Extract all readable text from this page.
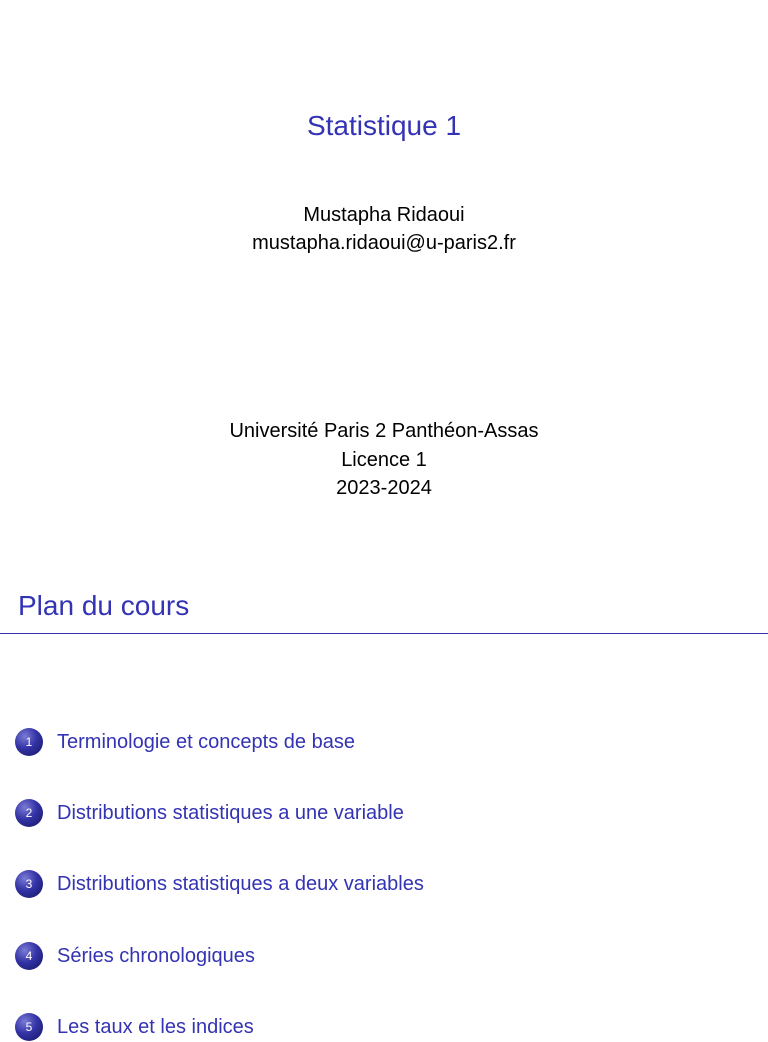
Statistique 1
Mustapha Ridaoui
mustapha.ridaoui@u-paris2.fr
Université Paris 2 Panthéon-Assas
Licence 1
2023-2024
Plan du cours
1	Terminologie et concepts de base
2	Distributions statistiques a une variable
3	Distributions statistiques a deux variables
4	Séries chronologiques
5	Les taux et les indices
